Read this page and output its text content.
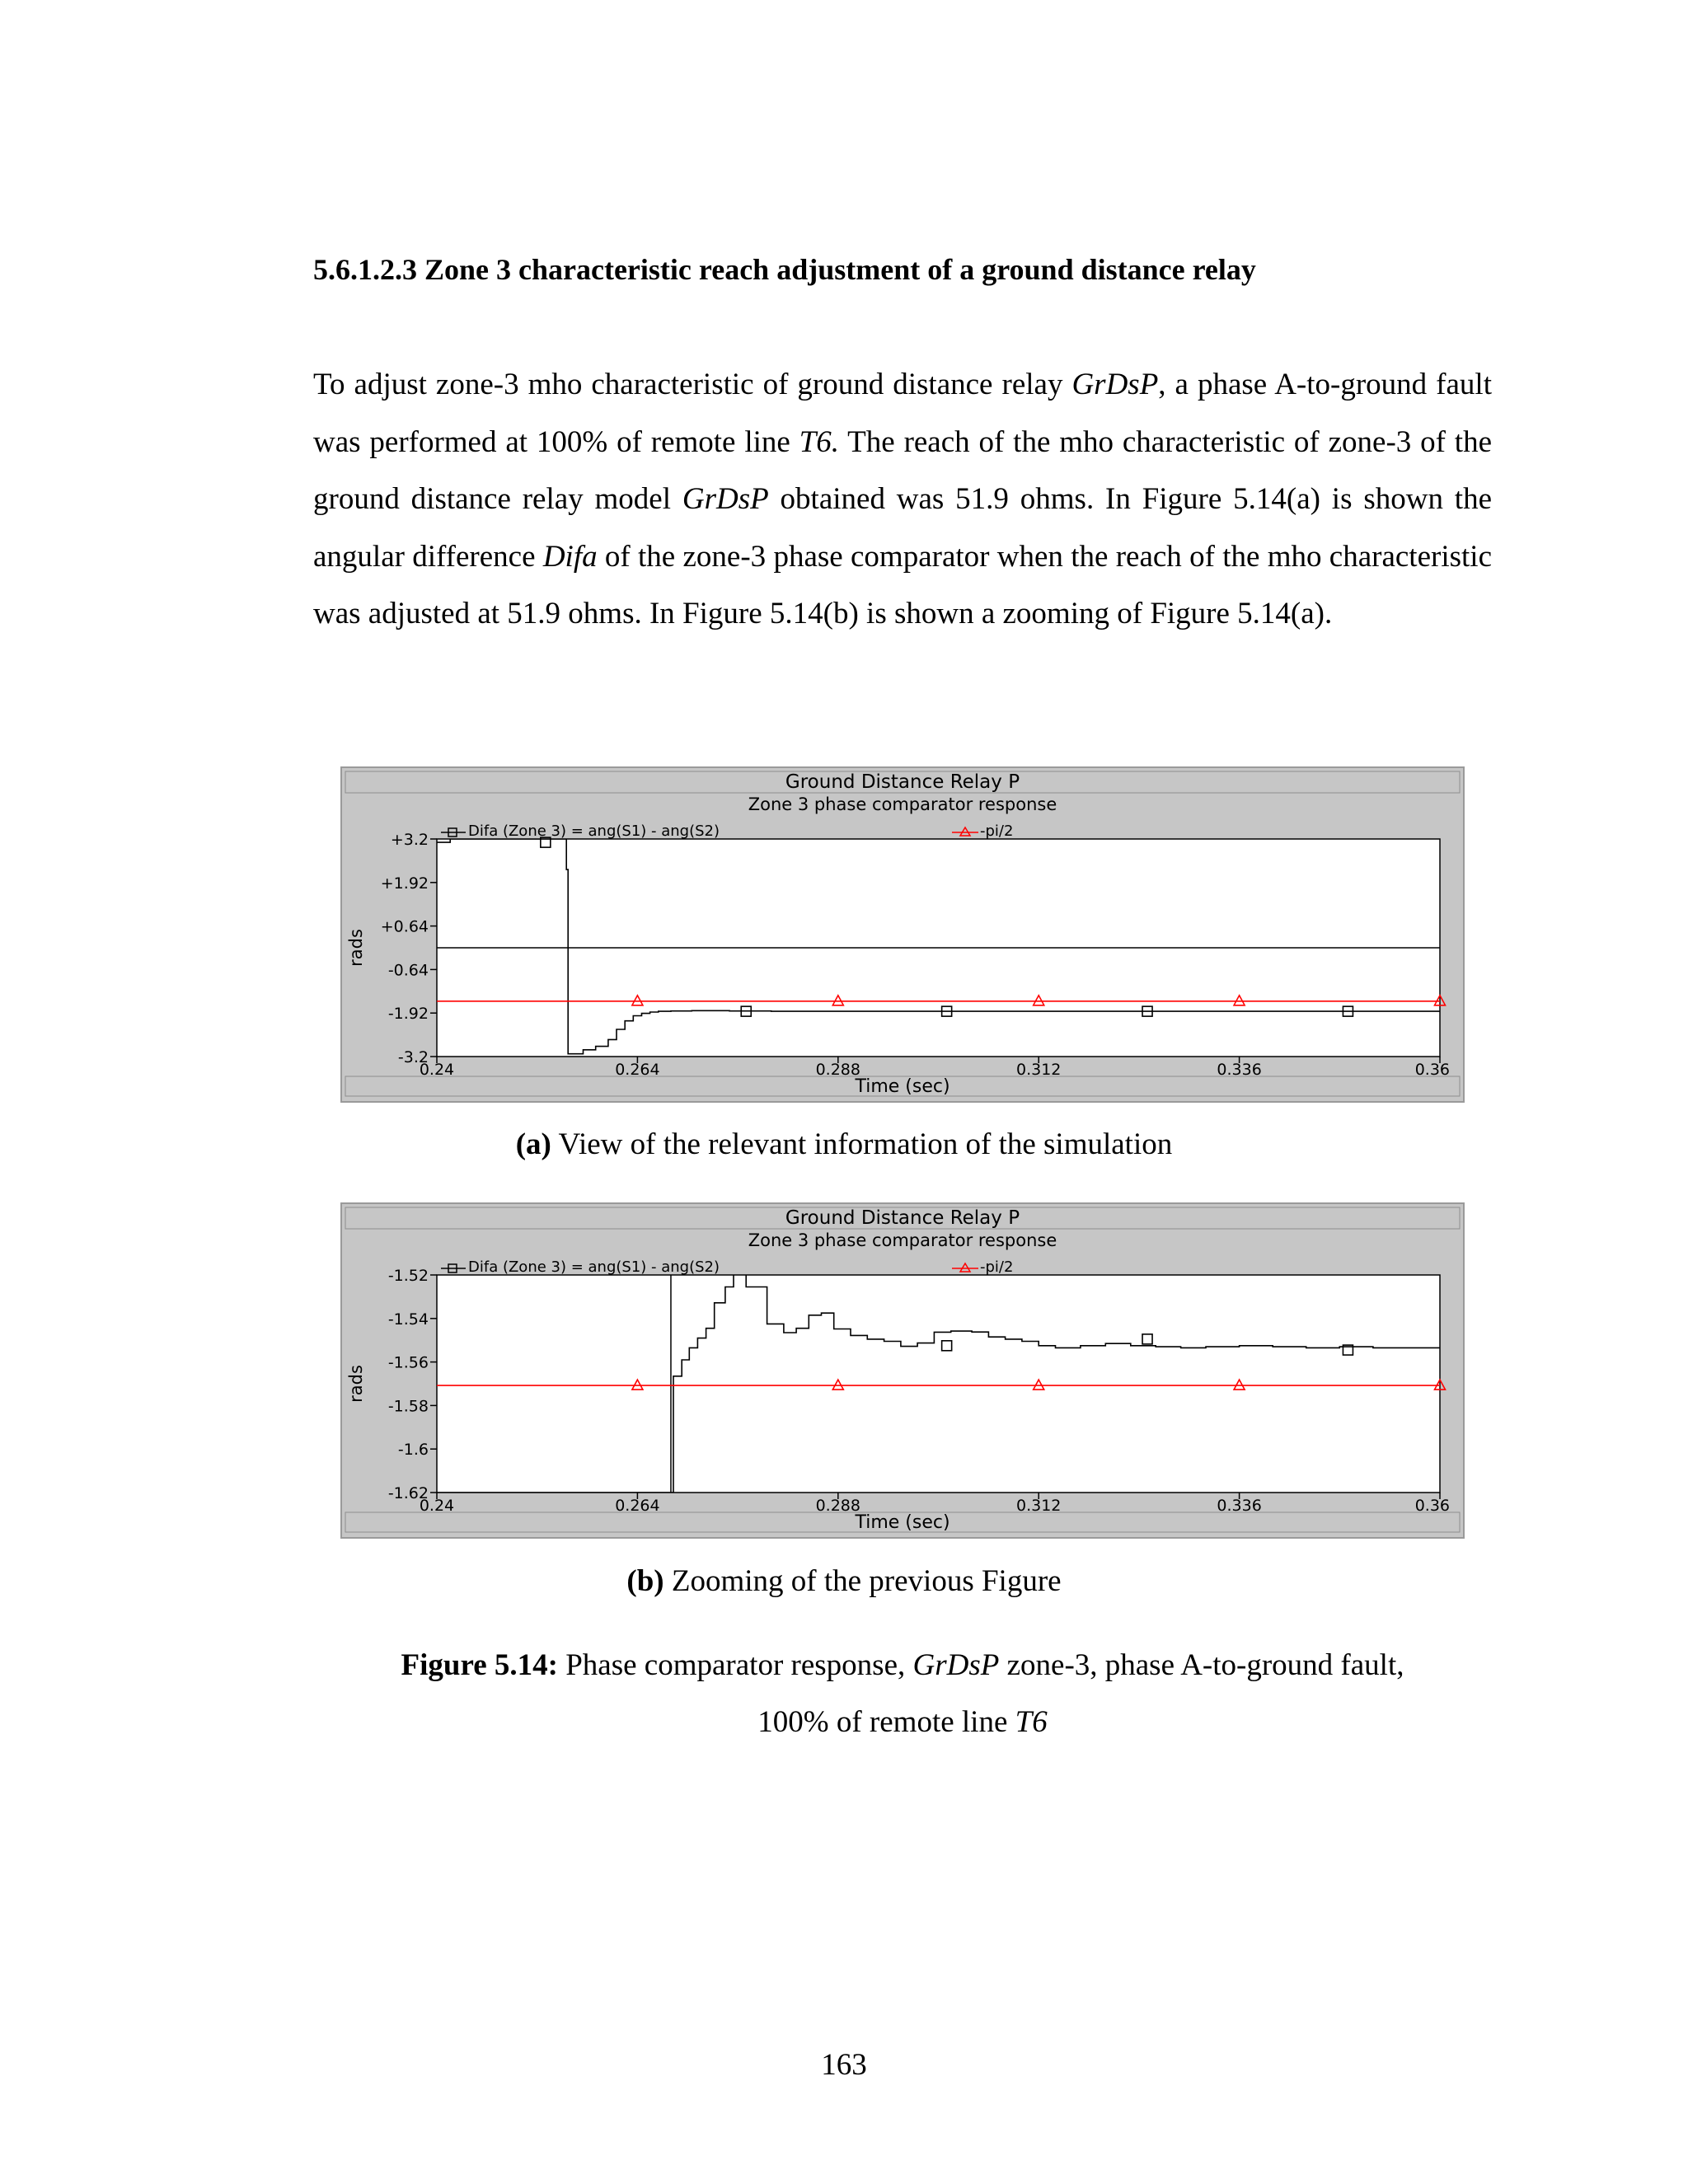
5.6.1.2.3 Zone 3 characteristic reach adjustment of a ground distance relay

To adjust zone-3 mho characteristic of ground distance relay GrDsP, a phase A-to-ground fault was performed at 100% of remote line T6. The reach of the mho characteristic of zone-3 of the ground distance relay model GrDsP obtained was 51.9 ohms. In Figure 5.14(a) is shown the angular difference Difa of the zone-3 phase comparator when the reach of the mho characteristic was adjusted at 51.9 ohms. In Figure 5.14(b) is shown a zooming of Figure 5.14(a).

Ground Distance Relay P
Zone 3 phase comparator response
Time (sec)
rads
Difa (Zone 3) = ang(S1) - ang(S2)	-pi/2
+3.2
+1.92
+0.64
-0.64
-1.92
-3.2
0.24	0.264	0.288	0.312	0.336	0.36

(a) View of the relevant information of the simulation

Ground Distance Relay P
Zone 3 phase comparator response
Time (sec)
rads
Difa (Zone 3) = ang(S1) - ang(S2)	-pi/2
-1.52
-1.54
-1.56
-1.58
-1.6
-1.62
0.24	0.264	0.288	0.312	0.336	0.36

(b) Zooming of the previous Figure

Figure 5.14: Phase comparator response, GrDsP zone-3, phase A-to-ground fault,
100% of remote line T6

163
